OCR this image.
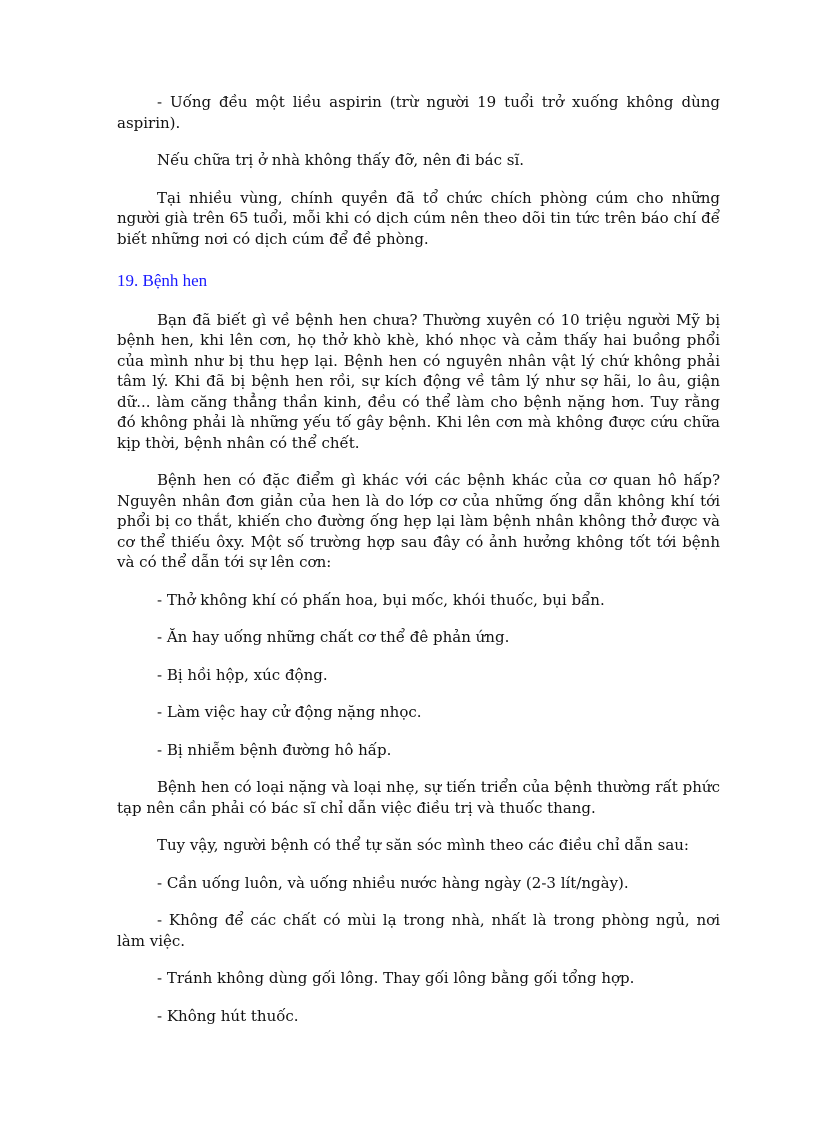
- Uống đều một liều aspirin (trừ người 19 tuổi trở xuống không dùng aspirin).

Nếu chữa trị ở nhà không thấy đỡ, nên đi bác sĩ.

Tại nhiều vùng, chính quyền đã tổ chức chích phòng cúm cho những người già trên 65 tuổi, mỗi khi có dịch cúm nên theo dõi tin tức trên báo chí để biết những nơi có dịch cúm để đề phòng.

19. Bệnh hen

Bạn đã biết gì về bệnh hen chưa? Thường xuyên có 10 triệu người Mỹ bị bệnh hen, khi lên cơn, họ thở khò khè, khó nhọc và cảm thấy hai buồng phổi của mình như bị thu hẹp lại. Bệnh hen có nguyên nhân vật lý chứ không phải tâm lý. Khi đã bị bệnh hen rồi, sự kích động về tâm lý như sợ hãi, lo âu, giận dữ... làm căng thẳng thần kinh, đều có thể làm cho bệnh nặng hơn. Tuy rằng đó không phải là những yếu tố gây bệnh. Khi lên cơn mà không được cứu chữa kịp thời, bệnh nhân có thể chết.

Bệnh hen có đặc điểm gì khác với các bệnh khác của cơ quan hô hấp? Nguyên nhân đơn giản của hen là do lớp cơ của những ống dẫn không khí tới phổi bị co thắt, khiến cho đường ống hẹp lại làm bệnh nhân không thở được và cơ thể thiếu ôxy. Một số trường hợp sau đây có ảnh hưởng không tốt tới bệnh và có thể dẫn tới sự lên cơn:

- Thở không khí có phấn hoa, bụi mốc, khói thuốc, bụi bẩn.

- Ăn hay uống những chất cơ thể đê phản ứng.

- Bị hồi hộp, xúc động.

- Làm việc hay cử động nặng nhọc.

- Bị nhiễm bệnh đường hô hấp.

Bệnh hen có loại nặng và loại nhẹ, sự tiến triển của bệnh thường rất phức tạp nên cần phải có bác sĩ chỉ dẫn việc điều trị và thuốc thang.

Tuy vậy, người bệnh có thể tự săn sóc mình theo các điều chỉ dẫn sau:

- Cần uống luôn, và uống nhiều nước hàng ngày (2-3 lít/ngày).

- Không để các chất có mùi lạ trong nhà, nhất là trong phòng ngủ, nơi làm việc.

- Tránh không dùng gối lông. Thay gối lông bằng gối tổng hợp.

- Không hút thuốc.
